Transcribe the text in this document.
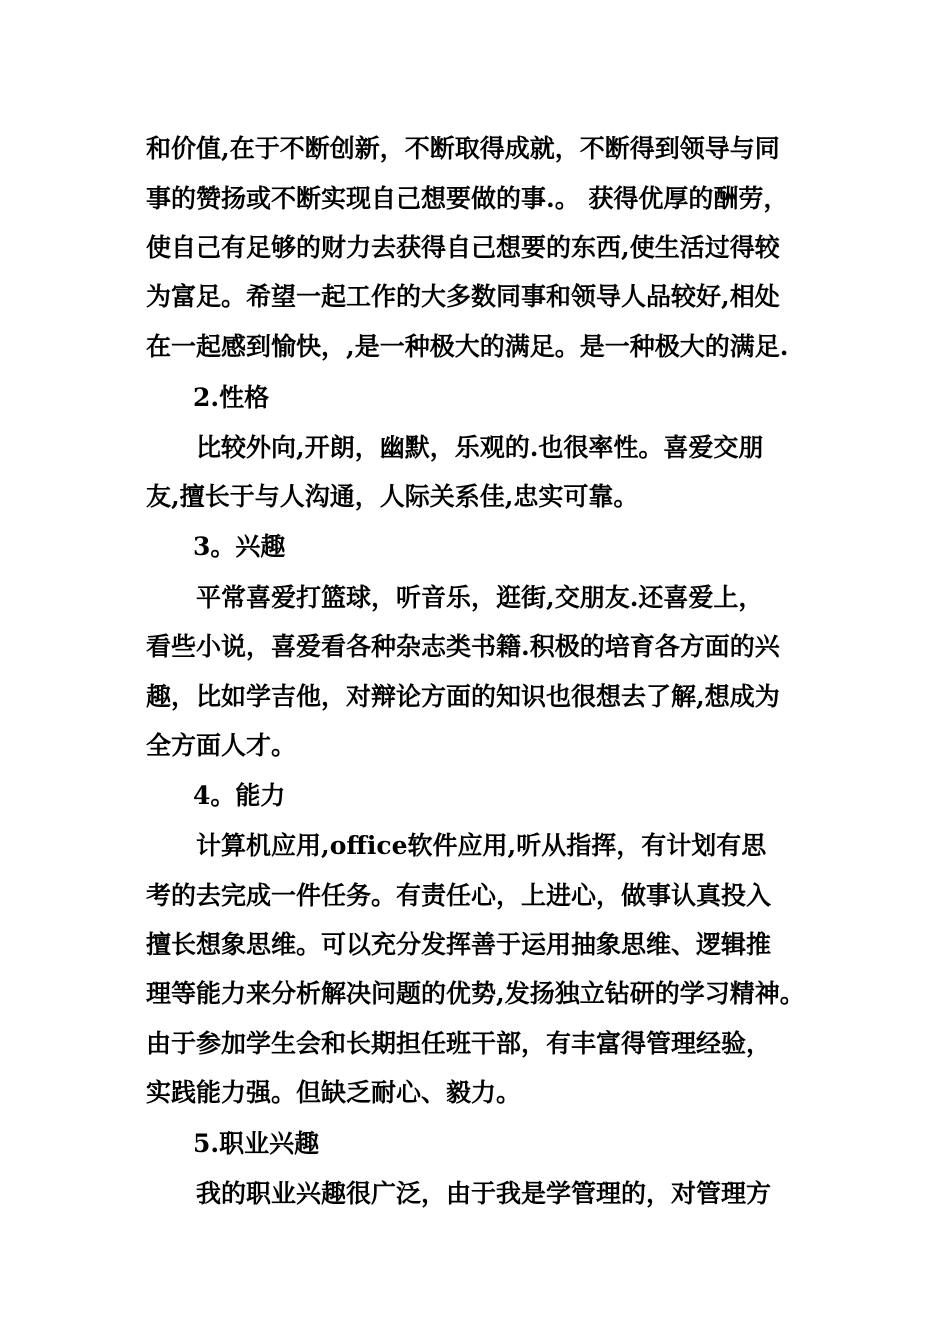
和价值,在于不断创新，不断取得成就，不断得到领导与同
事的赞扬或不断实现自己想要做的事.。 获得优厚的酬劳，
使自己有足够的财力去获得自己想要的东西,使生活过得较
为富足。希望一起工作的大多数同事和领导人品较好,相处
在一起感到愉快，,是一种极大的满足。是一种极大的满足.
2.性格
比较外向,开朗，幽默，乐观的.也很率性。喜爱交朋
友,擅长于与人沟通，人际关系佳,忠实可靠。
3。兴趣
平常喜爱打篮球，听音乐，逛街,交朋友.还喜爱上，
看些小说，喜爱看各种杂志类书籍.积极的培育各方面的兴
趣，比如学吉他，对辩论方面的知识也很想去了解,想成为
全方面人才。
4。能力
计算机应用,office软件应用,听从指挥，有计划有思
考的去完成一件任务。有责任心，上进心，做事认真投入
擅长想象思维。可以充分发挥善于运用抽象思维、逻辑推
理等能力来分析解决问题的优势,发扬独立钻研的学习精神。
由于参加学生会和长期担任班干部，有丰富得管理经验，
实践能力强。但缺乏耐心、毅力。
5.职业兴趣
我的职业兴趣很广泛，由于我是学管理的，对管理方
